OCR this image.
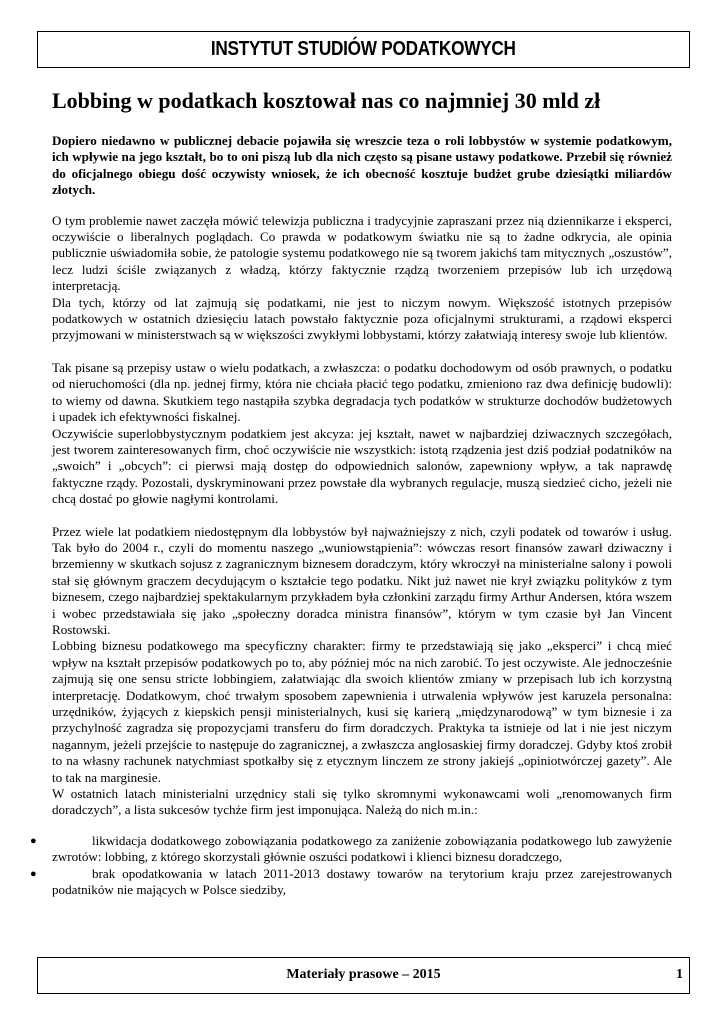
INSTYTUT STUDIÓW PODATKOWYCH
Lobbing w podatkach kosztował nas co najmniej 30 mld zł

Dopiero niedawno w publicznej debacie pojawiła się wreszcie teza o roli lobbystów w systemie podatkowym, ich wpływie na jego kształt, bo to oni piszą lub dla nich często są pisane ustawy podatkowe. Przebił się również do oficjalnego obiegu dość oczywisty wniosek, że ich obecność kosztuje budżet grube dziesiątki miliardów złotych.

O tym problemie nawet zaczęła mówić telewizja publiczna i tradycyjnie zapraszani przez nią dziennikarze i eksperci, oczywiście o liberalnych poglądach. Co prawda w podatkowym światku nie są to żadne odkrycia, ale opinia publicznie uświadomiła sobie, że patologie systemu podatkowego nie są tworem jakichś tam mitycznych „oszustów”, lecz ludzi ściśle związanych z władzą, którzy faktycznie rządzą tworzeniem przepisów lub ich urzędową interpretacją.

Dla tych, którzy od lat zajmują się podatkami, nie jest to niczym nowym. Większość istotnych przepisów podatkowych w ostatnich dziesięciu latach powstało faktycznie poza oficjalnymi strukturami, a rządowi eksperci przyjmowani w ministerstwach są w większości zwykłymi lobbystami, którzy załatwiają interesy swoje lub klientów.

Tak pisane są przepisy ustaw o wielu podatkach, a zwłaszcza: o podatku dochodowym od osób prawnych, o podatku od nieruchomości (dla np. jednej firmy, która nie chciała płacić tego podatku, zmieniono raz dwa definicję budowli): to wiemy od dawna. Skutkiem tego nastąpiła szybka degradacja tych podatków w strukturze dochodów budżetowych i upadek ich efektywności fiskalnej.

Oczywiście superlobbystycznym podatkiem jest akcyza: jej kształt, nawet w najbardziej dziwacznych szczegółach, jest tworem zainteresowanych firm, choć oczywiście nie wszystkich: istotą rządzenia jest dziś podział podatników na „swoich” i „obcych”: ci pierwsi mają dostęp do odpowiednich salonów, zapewniony wpływ, a tak naprawdę faktyczne rządy. Pozostali, dyskryminowani przez powstałe dla wybranych regulacje, muszą siedzieć cicho, jeżeli nie chcą dostać po głowie nagłymi kontrolami.

Przez wiele lat podatkiem niedostępnym dla lobbystów był najważniejszy z nich, czyli podatek od towarów i usług. Tak było do 2004 r., czyli do momentu naszego „wuniowstąpienia”: wówczas resort finansów zawarł dziwaczny i brzemienny w skutkach sojusz z zagranicznym biznesem doradczym, który wkroczył na ministerialne salony i powoli stał się głównym graczem decydującym o kształcie tego podatku. Nikt już nawet nie krył związku polityków z tym biznesem, czego najbardziej spektakularnym przykładem była członkini zarządu firmy Arthur Andersen, która wszem i wobec przedstawiała się jako „społeczny doradca ministra finansów”, którym w tym czasie był Jan Vincent Rostowski.

Lobbing biznesu podatkowego ma specyficzny charakter: firmy te przedstawiają się jako „eksperci” i chcą mieć wpływ na kształt przepisów podatkowych po to, aby później móc na nich zarobić. To jest oczywiste. Ale jednocześnie zajmują się one sensu stricte lobbingiem, załatwiając dla swoich klientów zmiany w przepisach lub ich korzystną interpretację. Dodatkowym, choć trwałym sposobem zapewnienia i utrwalenia wpływów jest karuzela personalna: urzędników, żyjących z kiepskich pensji ministerialnych, kusi się karierą „międzynarodową” w tym biznesie i za przychylność zagradza się propozycjami transferu do firm doradczych. Praktyka ta istnieje od lat i nie jest niczym nagannym, jeżeli przejście to następuje do zagranicznej, a zwłaszcza anglosaskiej firmy doradczej. Gdyby ktoś zrobił to na własny rachunek natychmiast spotkałby się z etycznym linczem ze strony jakiejś „opiniotwórczej gazety”. Ale to tak na marginesie.

W ostatnich latach ministerialni urzędnicy stali się tylko skromnymi wykonawcami woli „renomowanych firm doradczych”, a lista sukcesów tychże firm jest imponująca. Należą do nich m.in.:

●	likwidacja dodatkowego zobowiązania podatkowego za zaniżenie zobowiązania podatkowego lub zawyżenie zwrotów: lobbing, z którego skorzystali głównie oszuści podatkowi i klienci biznesu doradczego,
●	brak opodatkowania w latach 2011-2013 dostawy towarów na terytorium kraju przez zarejestrowanych podatników nie mających w Polsce siedziby,
Materiały prasowe – 2015	1
